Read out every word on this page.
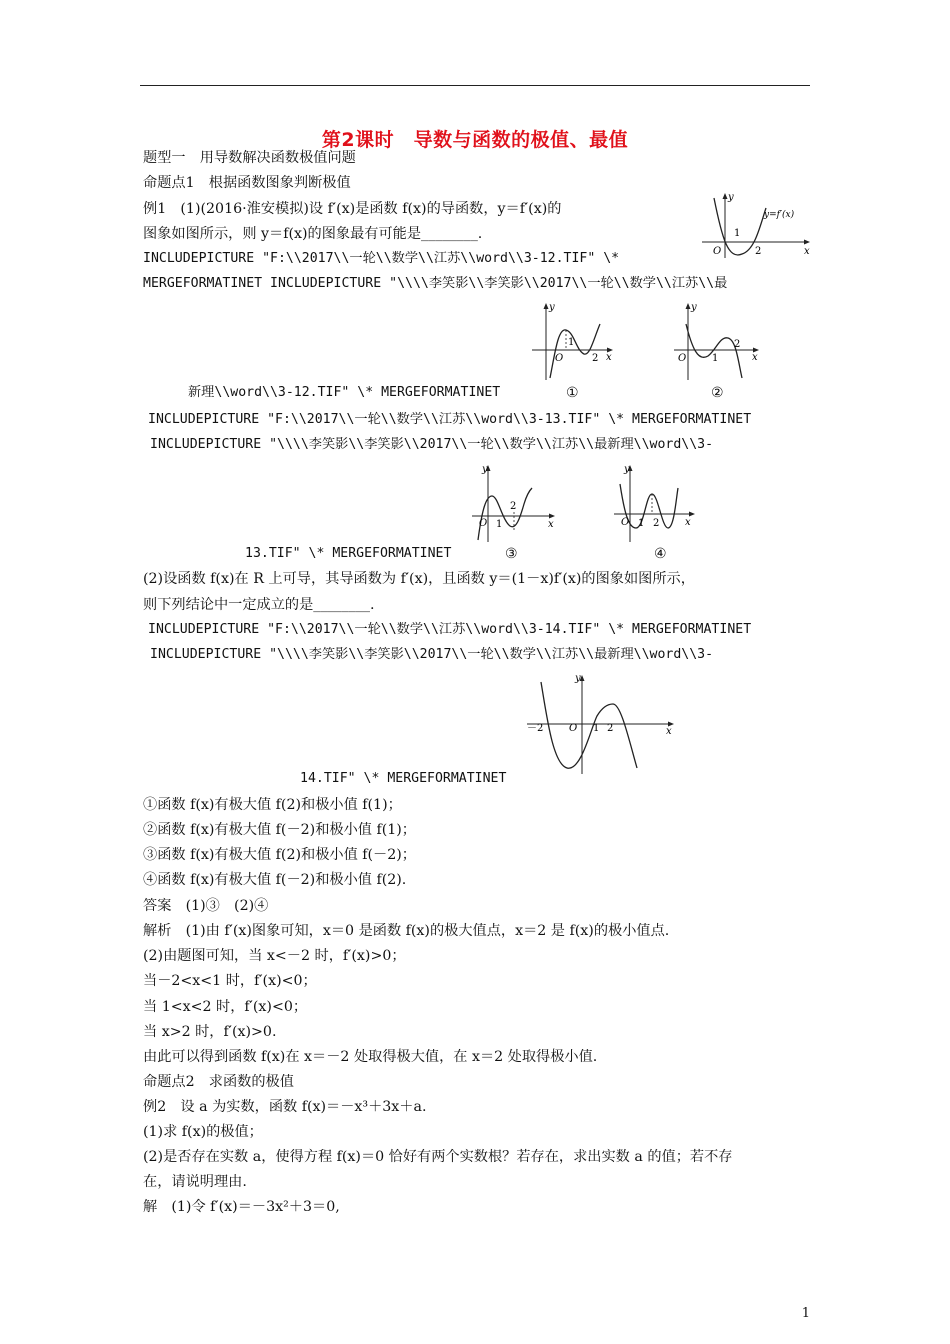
第2课时　导数与函数的极值、最值
题型一　用导数解决函数极值问题
命题点1　根据函数图象判断极值
例1　(1)(2016·淮安模拟)设 f′(x)是函数 f(x)的导函数，y＝f′(x)的
图象如图所示，则 y＝f(x)的图象最有可能是________.
INCLUDEPICTURE "F:\\2017\\一轮\\数学\\江苏\\word\\3-12.TIF" \*
MERGEFORMATINET INCLUDEPICTURE "\\\\李笑影\\李笑影\\2017\\一轮\\数学\\江苏\\最
新理\\word\\3-12.TIF" \* MERGEFORMATINET
INCLUDEPICTURE "F:\\2017\\一轮\\数学\\江苏\\word\\3-13.TIF" \* MERGEFORMATINET
INCLUDEPICTURE "\\\\李笑影\\李笑影\\2017\\一轮\\数学\\江苏\\最新理\\word\\3-
13.TIF" \* MERGEFORMATINET
(2)设函数 f(x)在 R 上可导，其导函数为 f′(x)，且函数 y＝(1－x)f′(x)的图象如图所示，
则下列结论中一定成立的是________.
INCLUDEPICTURE "F:\\2017\\一轮\\数学\\江苏\\word\\3-14.TIF" \* MERGEFORMATINET
INCLUDEPICTURE "\\\\李笑影\\李笑影\\2017\\一轮\\数学\\江苏\\最新理\\word\\3-
14.TIF" \* MERGEFORMATINET
①函数 f(x)有极大值 f(2)和极小值 f(1)；
②函数 f(x)有极大值 f(－2)和极小值 f(1)；
③函数 f(x)有极大值 f(2)和极小值 f(－2)；
④函数 f(x)有极大值 f(－2)和极小值 f(2).
答案　(1)③　(2)④
解析　(1)由 f′(x)图象可知，x＝0 是函数 f(x)的极大值点，x＝2 是 f(x)的极小值点.
(2)由题图可知，当 x<－2 时，f′(x)>0；
当－2<x<1 时，f′(x)<0；
当 1<x<2 时，f′(x)<0；
当 x>2 时，f′(x)>0.
由此可以得到函数 f(x)在 x＝－2 处取得极大值，在 x＝2 处取得极小值.
命题点2　求函数的极值
例2　设 a 为实数，函数 f(x)＝－x³＋3x＋a.
(1)求 f(x)的极值；
(2)是否存在实数 a，使得方程 f(x)＝0 恰好有两个实数根？若存在，求出实数 a 的值；若不存
在，请说明理由.
解　(1)令 f′(x)＝－3x²＋3＝0,
y
x
O
1
2
y=f′(x)
y
x
O
1
2
①
y
x
O	1
2
②
y
x
O 1
2
③
y
x
O 1 2
④
y
x
O
－2	1 2
1
